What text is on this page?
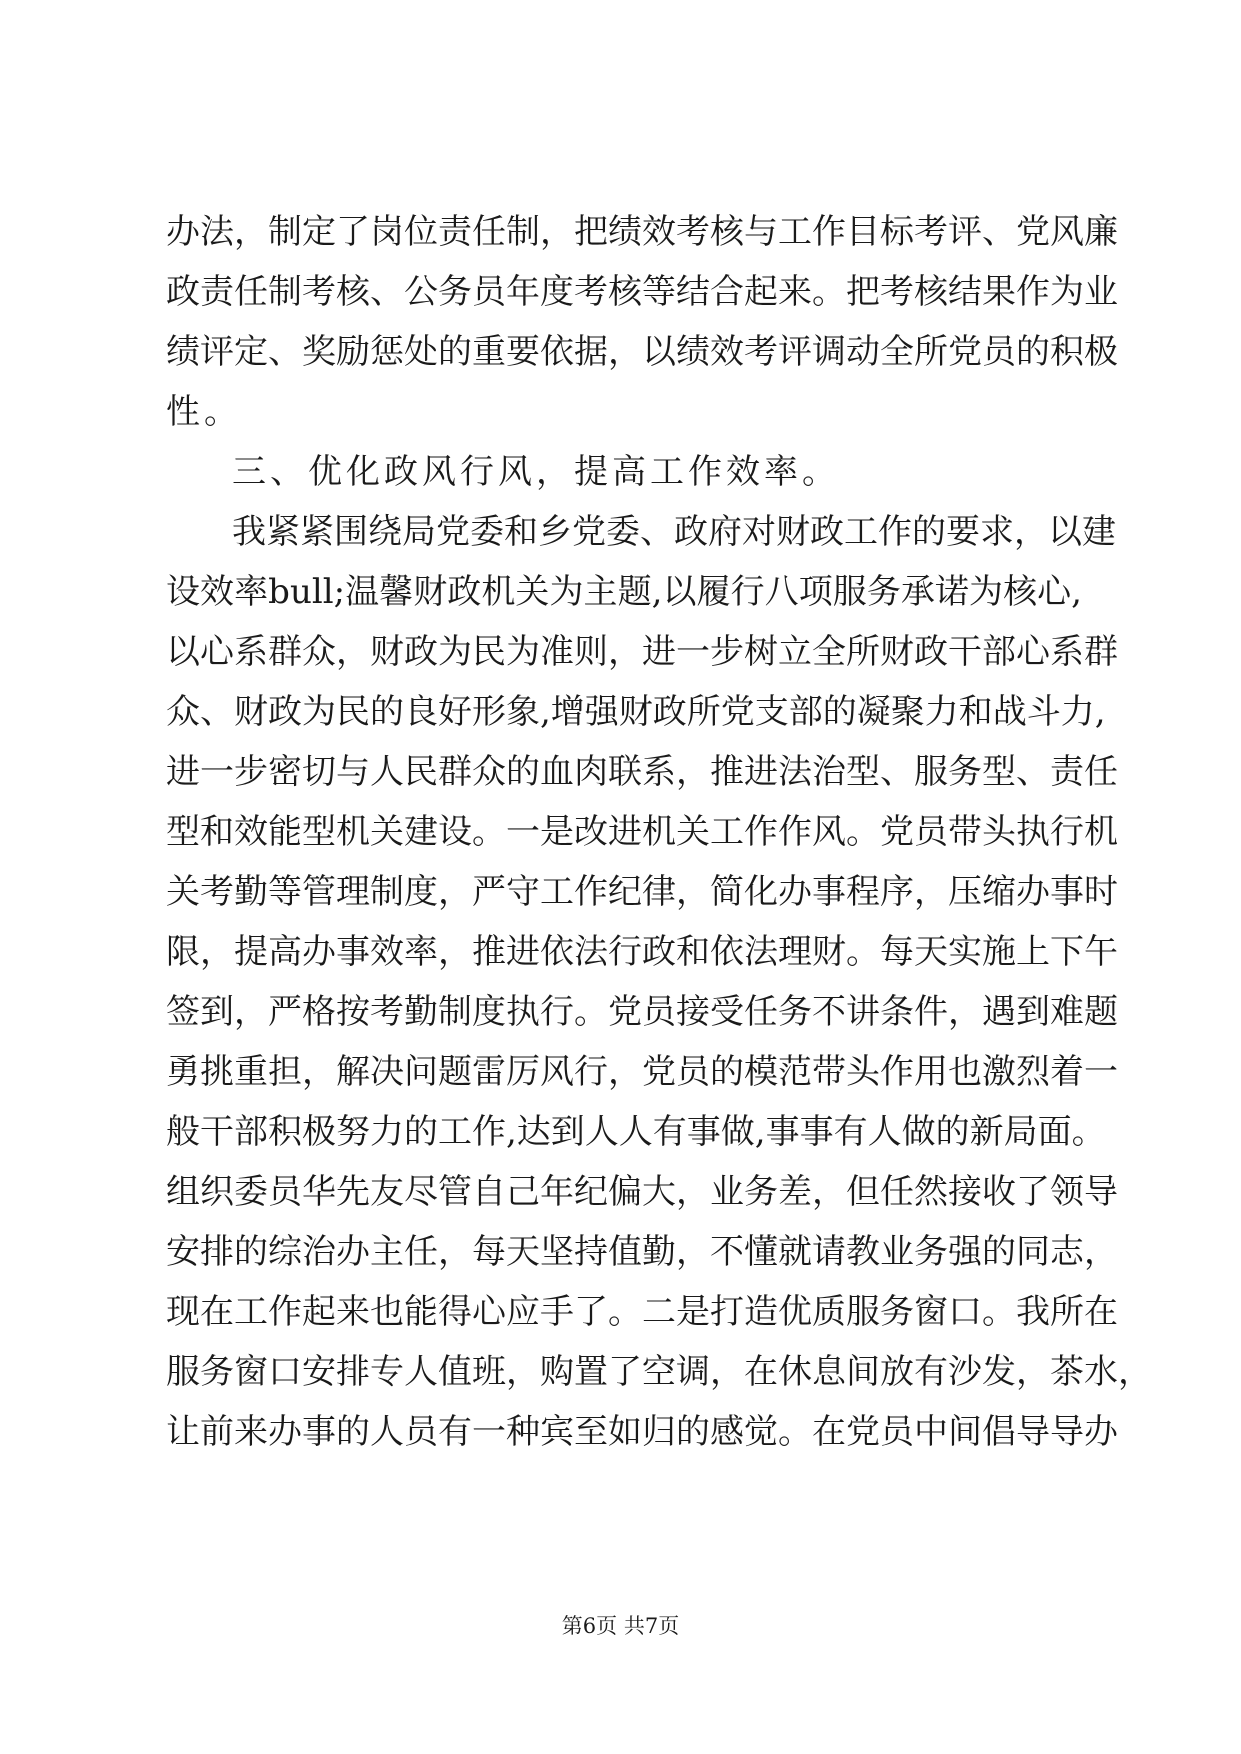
办法，制定了岗位责任制，把绩效考核与工作目标考评、党风廉
政责任制考核、公务员年度考核等结合起来。把考核结果作为业
绩评定、奖励惩处的重要依据，以绩效考评调动全所党员的积极
性。
三、优化政风行风，提高工作效率。
我紧紧围绕局党委和乡党委、政府对财政工作的要求，以建
设效率bull;温馨财政机关为主题,以履行八项服务承诺为核心,
以心系群众，财政为民为准则，进一步树立全所财政干部心系群
众、财政为民的良好形象,增强财政所党支部的凝聚力和战斗力,
进一步密切与人民群众的血肉联系，推进法治型、服务型、责任
型和效能型机关建设。一是改进机关工作作风。党员带头执行机
关考勤等管理制度，严守工作纪律，简化办事程序，压缩办事时
限，提高办事效率，推进依法行政和依法理财。每天实施上下午
签到，严格按考勤制度执行。党员接受任务不讲条件，遇到难题
勇挑重担，解决问题雷厉风行，党员的模范带头作用也激烈着一
般干部积极努力的工作,达到人人有事做,事事有人做的新局面。
组织委员华先友尽管自己年纪偏大，业务差，但任然接收了领导
安排的综治办主任，每天坚持值勤，不懂就请教业务强的同志，
现在工作起来也能得心应手了。二是打造优质服务窗口。我所在
服务窗口安排专人值班，购置了空调，在休息间放有沙发，茶水，
让前来办事的人员有一种宾至如归的感觉。在党员中间倡导导办
第6页 共7页
